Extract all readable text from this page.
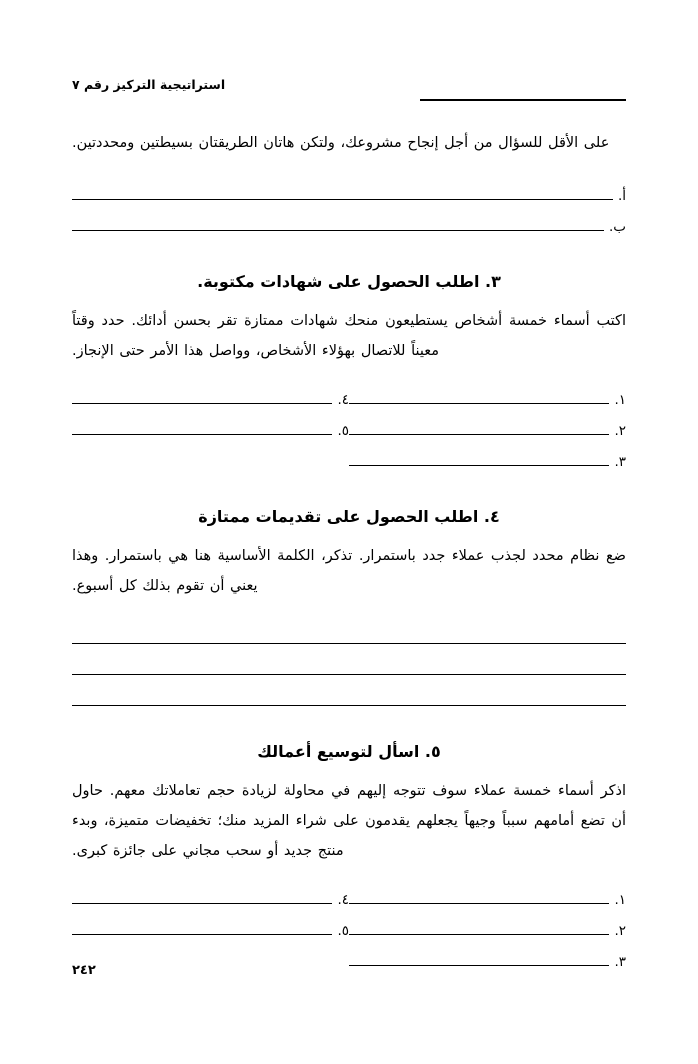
استراتيجية التركيز رقم ٧

على الأقل للسؤال من أجل إنجاح مشروعك، ولتكن هاتان الطريقتان بسيطتين ومحددتين.

أ.
ب.
٣. اطلب الحصول على شهادات مكتوبة.

اكتب أسماء خمسة أشخاص يستطيعون منحك شهادات ممتازة تقر بحسن أدائك. حدد وقتاً معيناً للاتصال بهؤلاء الأشخاص، وواصل هذا الأمر حتى الإنجاز.

١.
٤.
٢.
٥.
٣.
٤. اطلب الحصول على تقديمات ممتازة

ضع نظام محدد لجذب عملاء جدد باستمرار. تذكر، الكلمة الأساسية هنا هي باستمرار. وهذا يعني أن تقوم بذلك كل أسبوع.

٥. اسأل لتوسيع أعمالك

اذكر أسماء خمسة عملاء سوف تتوجه إليهم في محاولة لزيادة حجم تعاملاتك معهم. حاول أن تضع أمامهم سبباً وجيهاً يجعلهم يقدمون على شراء المزيد منك؛ تخفيضات متميزة، وبدء منتج جديد أو سحب مجاني على جائزة كبرى.

١.
٤.
٢.
٥.
٣.
٢٤٢
